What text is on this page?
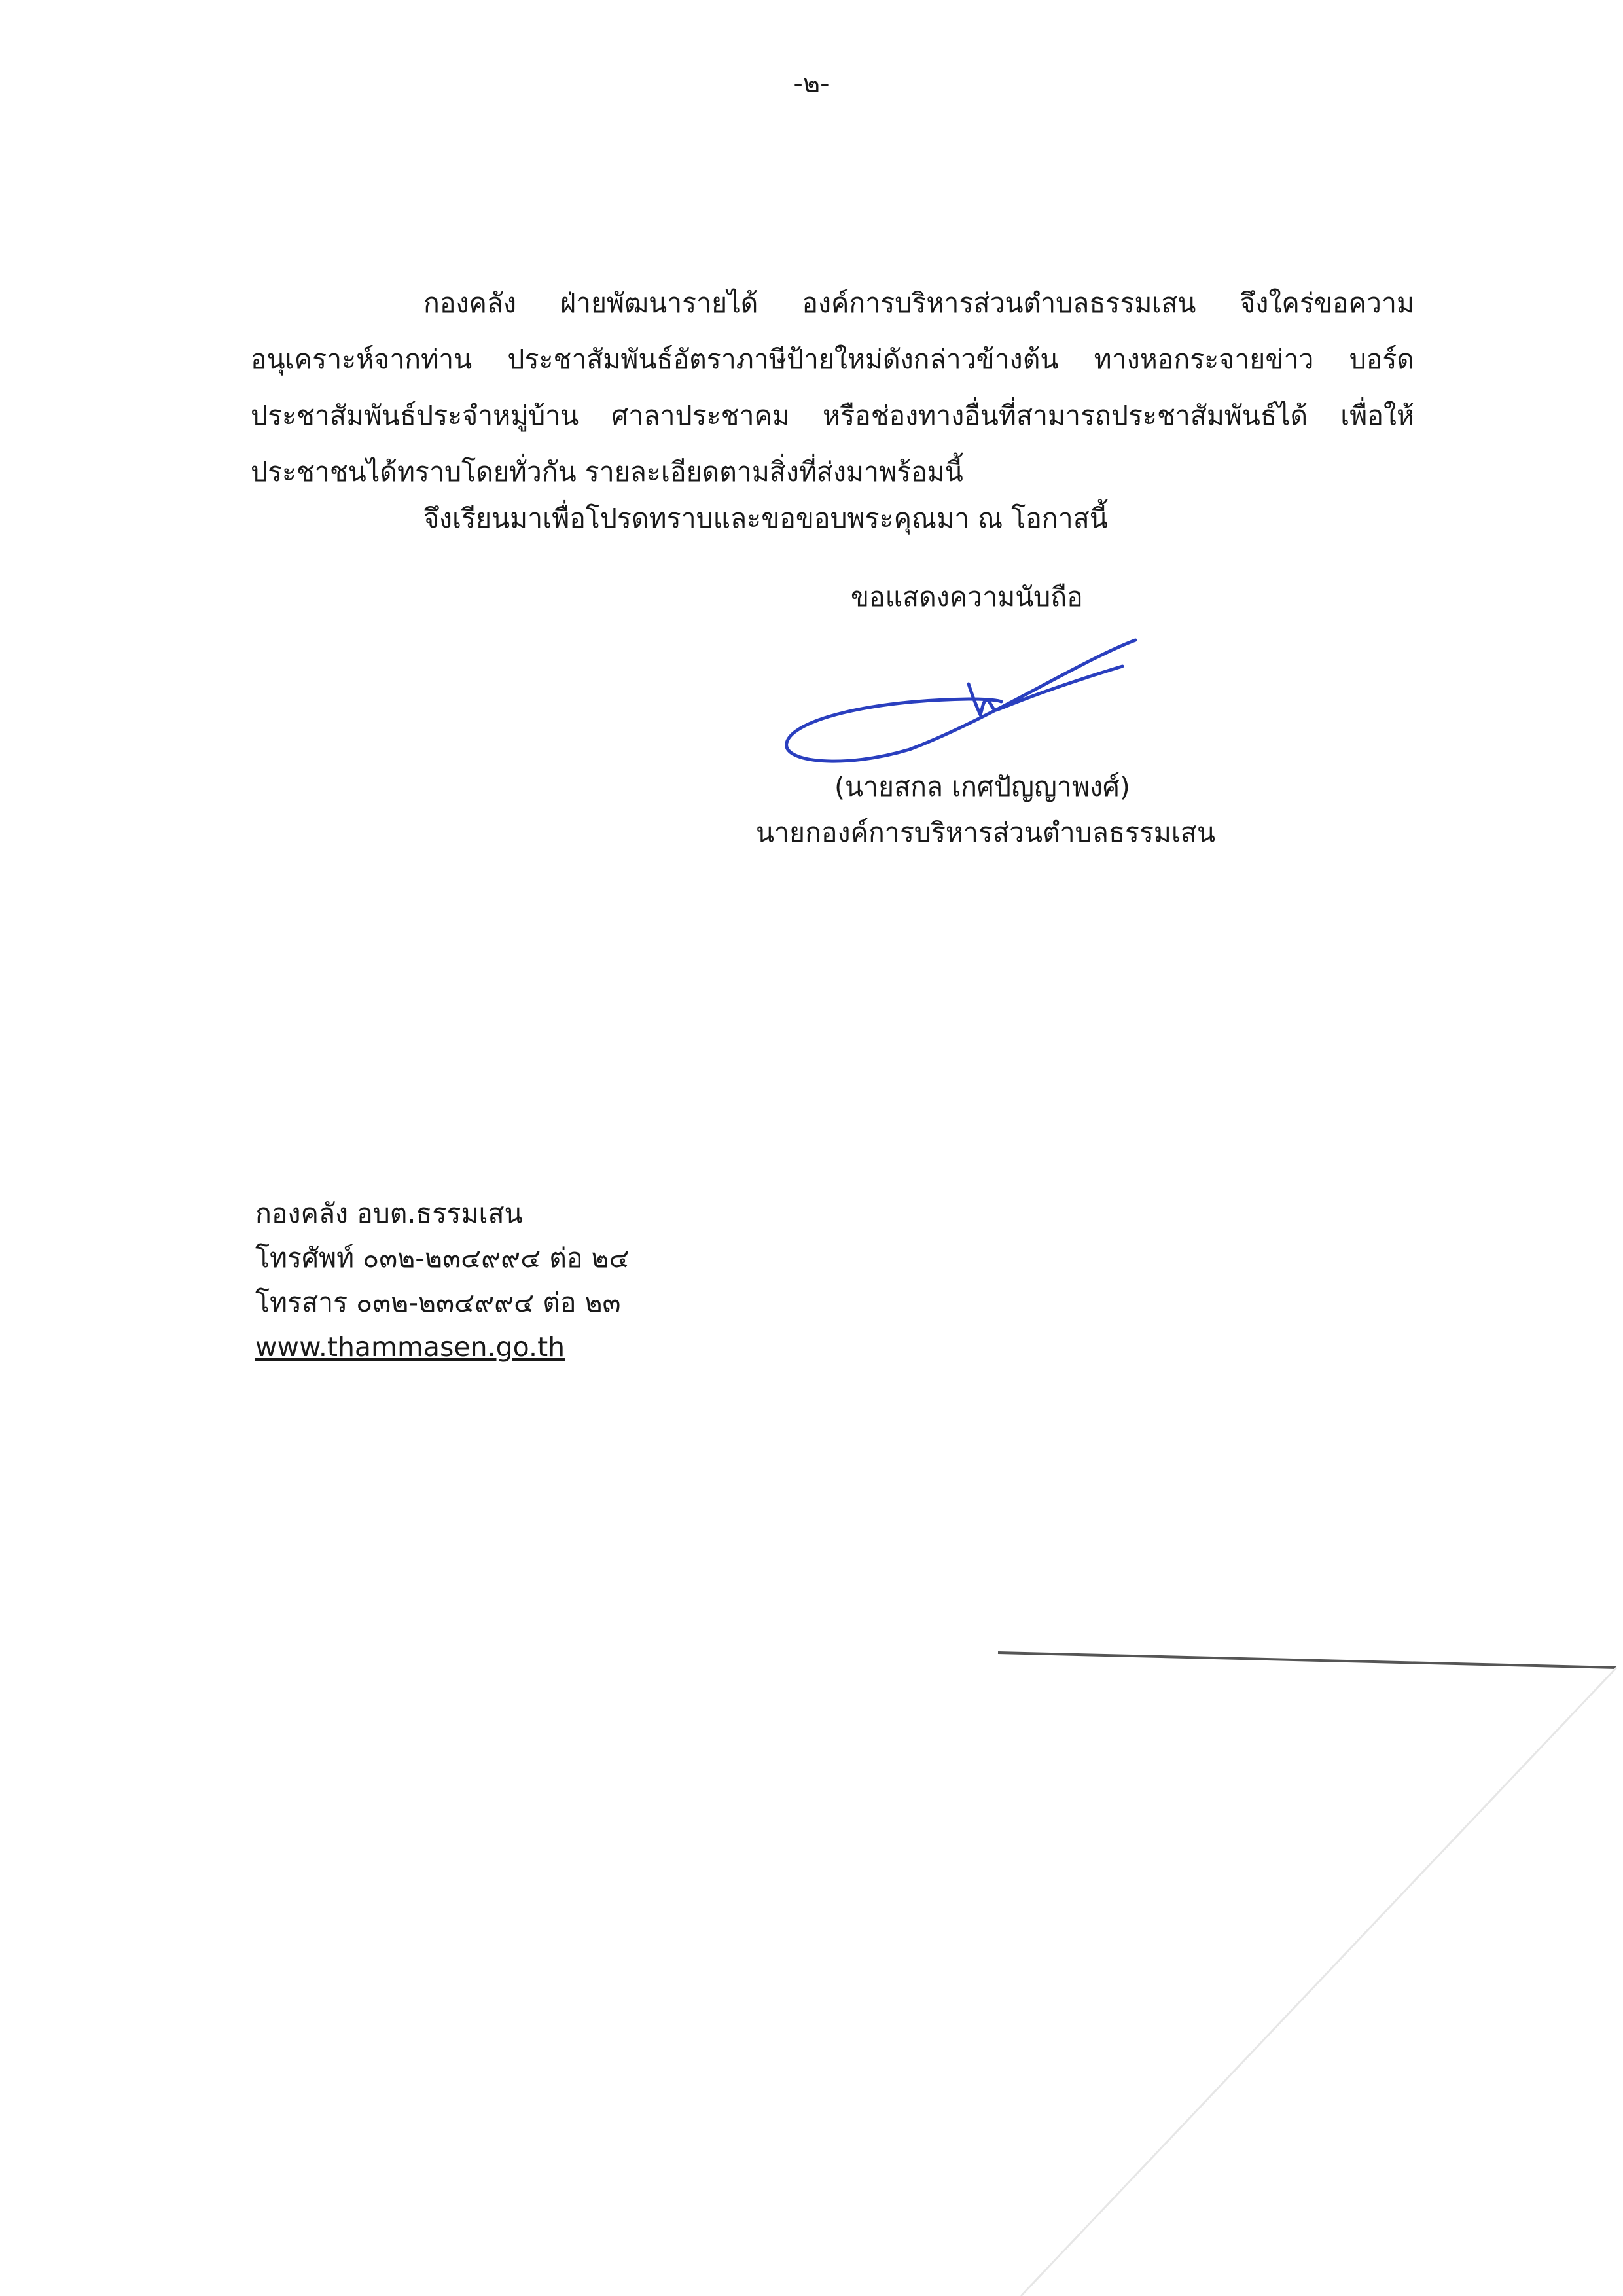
-๒-

กองคลัง ฝ่ายพัฒนารายได้ องค์การบริหารส่วนตำบลธรรมเสน จึงใคร่ขอความอนุเคราะห์จากท่าน ประชาสัมพันธ์อัตราภาษีป้ายใหม่ดังกล่าวข้างต้น ทางหอกระจายข่าว บอร์ดประชาสัมพันธ์ประจำหมู่บ้าน ศาลาประชาคม หรือช่องทางอื่นที่สามารถประชาสัมพันธ์ได้ เพื่อให้ประชาชนได้ทราบโดยทั่วกัน รายละเอียดตามสิ่งที่ส่งมาพร้อมนี้

จึงเรียนมาเพื่อโปรดทราบและขอขอบพระคุณมา ณ โอกาสนี้
ขอแสดงความนับถือ
(นายสกล เกศปัญญาพงศ์)
นายกองค์การบริหารส่วนตำบลธรรมเสน
กองคลัง อบต.ธรรมเสน
โทรศัพท์ ๐๓๒-๒๓๔๙๙๔ ต่อ ๒๔
โทรสาร ๐๓๒-๒๓๔๙๙๔ ต่อ ๒๓
www.thammasen.go.th
